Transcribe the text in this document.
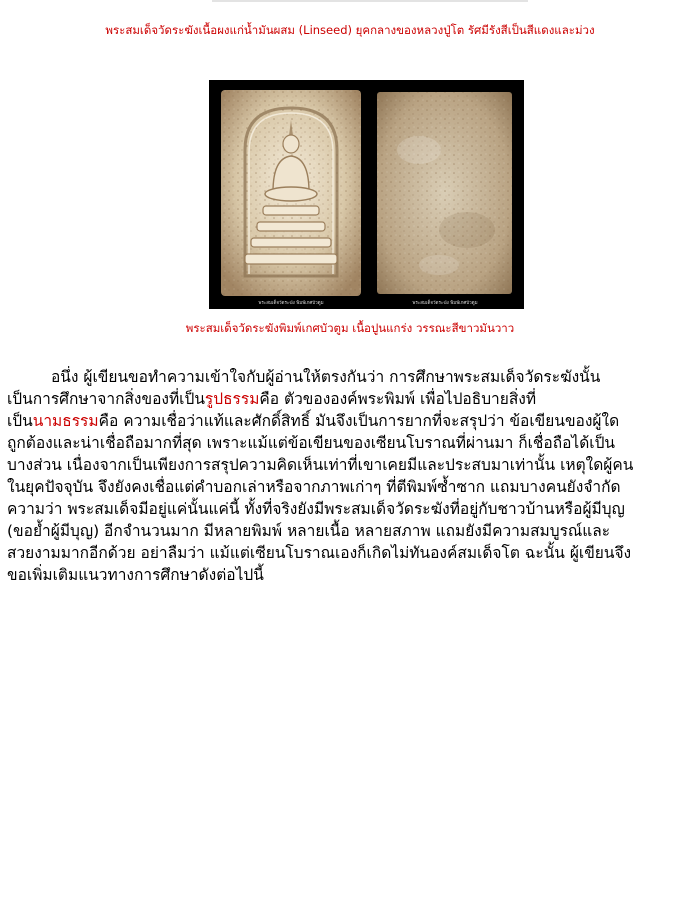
พระสมเด็จวัดระฆังเนื้อผงแก่น้ำมันผสม (Linseed) ยุคกลางของหลวงปู่โต รัศมีรังสีเป็นสีแดงและม่วง

พระสมเด็จวัดระฆัง พิมพ์เกศบัวตูม	พระสมเด็จวัดระฆัง พิมพ์เกศบัวตูม

พระสมเด็จวัดระฆังพิมพ์เกศบัวตูม เนื้อปูนแกร่ง วรรณะสีขาวมันวาว

อนึ่ง ผู้เขียนขอทำความเข้าใจกับผู้อ่านให้ตรงกันว่า การศึกษาพระสมเด็จวัดระฆังนั้น
เป็นการศึกษาจากสิ่งของที่เป็นรูปธรรมคือ ตัวขององค์พระพิมพ์ เพื่อไปอธิบายสิ่งที่
เป็นนามธรรมคือ ความเชื่อว่าแท้และศักดิ์สิทธิ์ มันจึงเป็นการยากที่จะสรุปว่า ข้อเขียนของผู้ใด
ถูกต้องและน่าเชื่อถือมากที่สุด เพราะแม้แต่ข้อเขียนของเซียนโบราณที่ผ่านมา ก็เชื่อถือได้เป็น
บางส่วน เนื่องจากเป็นเพียงการสรุปความคิดเห็นเท่าที่เขาเคยมีและประสบมาเท่านั้น เหตุใดผู้คน
ในยุคปัจจุบัน จึงยังคงเชื่อแต่คำบอกเล่าหรือจากภาพเก่าๆ ที่ตีพิมพ์ซ้ำซาก แถมบางคนยังจำกัด
ความว่า พระสมเด็จมีอยู่แค่นั้นแค่นี้ ทั้งที่จริงยังมีพระสมเด็จวัดระฆังที่อยู่กับชาวบ้านหรือผู้มีบุญ
(ขอย้ำผู้มีบุญ) อีกจำนวนมาก มีหลายพิมพ์ หลายเนื้อ หลายสภาพ แถมยังมีความสมบูรณ์และ
สวยงามมากอีกด้วย อย่าลืมว่า แม้แต่เซียนโบราณเองก็เกิดไม่ทันองค์สมเด็จโต ฉะนั้น ผู้เขียนจึง
ขอเพิ่มเติมแนวทางการศึกษาดังต่อไปนี้
